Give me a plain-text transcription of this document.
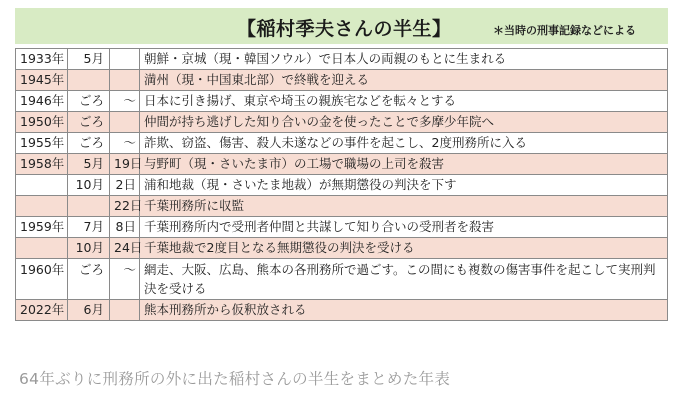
【稲村季夫さんの半生】	＊当時の刑事記録などによる
1933年	5月		朝鮮・京城（現・韓国ソウル）で日本人の両親のもとに生まれる
1945年			満州（現・中国東北部）で終戦を迎える
1946年	ごろ	〜	日本に引き揚げ、東京や埼玉の親族宅などを転々とする
1950年	ごろ		仲間が持ち逃げした知り合いの金を使ったことで多摩少年院へ
1955年	ごろ	〜	詐欺、窃盗、傷害、殺人未遂などの事件を起こし、2度刑務所に入る
1958年	5月	19日	与野町（現・さいたま市）の工場で職場の上司を殺害
	10月	2日	浦和地裁（現・さいたま地裁）が無期懲役の判決を下す
		22日	千葉刑務所に収監
1959年	7月	8日	千葉刑務所内で受刑者仲間と共謀して知り合いの受刑者を殺害
	10月	24日	千葉地裁で2度目となる無期懲役の判決を受ける
1960年	ごろ	〜	網走、大阪、広島、熊本の各刑務所で過ごす。この間にも複数の傷害事件を起こして実刑判決を受ける
2022年	6月		熊本刑務所から仮釈放される
64年ぶりに刑務所の外に出た稲村さんの半生をまとめた年表
